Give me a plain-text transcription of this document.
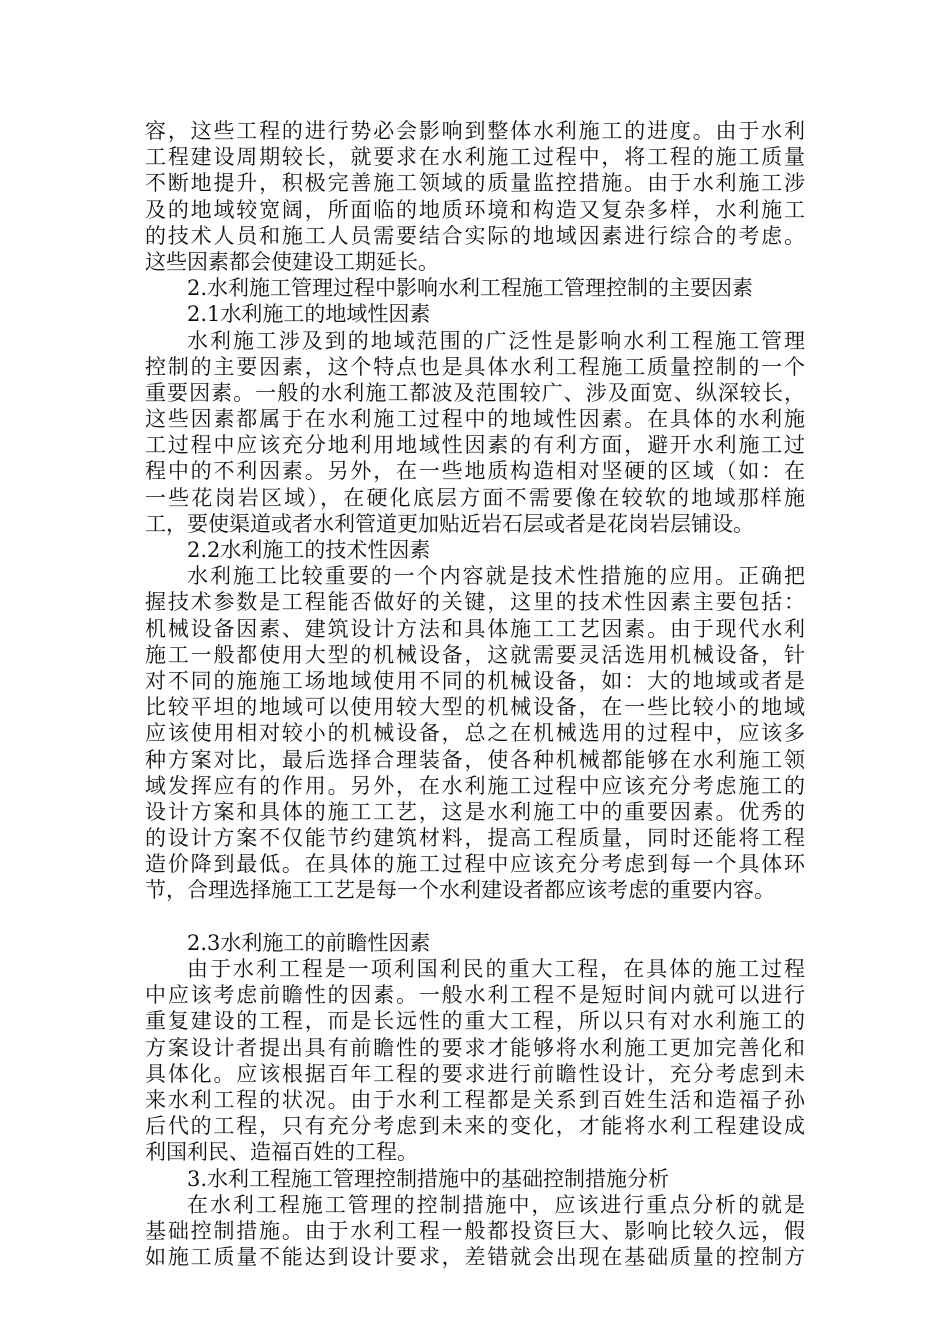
容，这些工程的进行势必会影响到整体水利施工的进度。由于水利
工程建设周期较长，就要求在水利施工过程中，将工程的施工质量
不断地提升，积极完善施工领域的质量监控措施。由于水利施工涉
及的地域较宽阔，所面临的地质环境和构造又复杂多样，水利施工
的技术人员和施工人员需要结合实际的地域因素进行综合的考虑。
这些因素都会使建设工期延长。
2.水利施工管理过程中影响水利工程施工管理控制的主要因素
2.1水利施工的地域性因素
水利施工涉及到的地域范围的广泛性是影响水利工程施工管理
控制的主要因素，这个特点也是具体水利工程施工质量控制的一个
重要因素。一般的水利施工都波及范围较广、涉及面宽、纵深较长，
这些因素都属于在水利施工过程中的地域性因素。在具体的水利施
工过程中应该充分地利用地域性因素的有利方面，避开水利施工过
程中的不利因素。另外，在一些地质构造相对坚硬的区域（如：在
一些花岗岩区域），在硬化底层方面不需要像在较软的地域那样施
工，要使渠道或者水利管道更加贴近岩石层或者是花岗岩层铺设。
2.2水利施工的技术性因素
水利施工比较重要的一个内容就是技术性措施的应用。正确把
握技术参数是工程能否做好的关键，这里的技术性因素主要包括：
机械设备因素、建筑设计方法和具体施工工艺因素。由于现代水利
施工一般都使用大型的机械设备，这就需要灵活选用机械设备，针
对不同的施施工场地域使用不同的机械设备，如：大的地域或者是
比较平坦的地域可以使用较大型的机械设备，在一些比较小的地域
应该使用相对较小的机械设备，总之在机械选用的过程中，应该多
种方案对比，最后选择合理装备，使各种机械都能够在水利施工领
域发挥应有的作用。另外，在水利施工过程中应该充分考虑施工的
设计方案和具体的施工工艺，这是水利施工中的重要因素。优秀的
的设计方案不仅能节约建筑材料，提高工程质量，同时还能将工程
造价降到最低。在具体的施工过程中应该充分考虑到每一个具体环
节，合理选择施工工艺是每一个水利建设者都应该考虑的重要内容。
2.3水利施工的前瞻性因素
由于水利工程是一项利国利民的重大工程，在具体的施工过程
中应该考虑前瞻性的因素。一般水利工程不是短时间内就可以进行
重复建设的工程，而是长远性的重大工程，所以只有对水利施工的
方案设计者提出具有前瞻性的要求才能够将水利施工更加完善化和
具体化。应该根据百年工程的要求进行前瞻性设计，充分考虑到未
来水利工程的状况。由于水利工程都是关系到百姓生活和造福子孙
后代的工程，只有充分考虑到未来的变化，才能将水利工程建设成
利国利民、造福百姓的工程。
3.水利工程施工管理控制措施中的基础控制措施分析
在水利工程施工管理的控制措施中，应该进行重点分析的就是
基础控制措施。由于水利工程一般都投资巨大、影响比较久远，假
如施工质量不能达到设计要求，差错就会出现在基础质量的控制方
